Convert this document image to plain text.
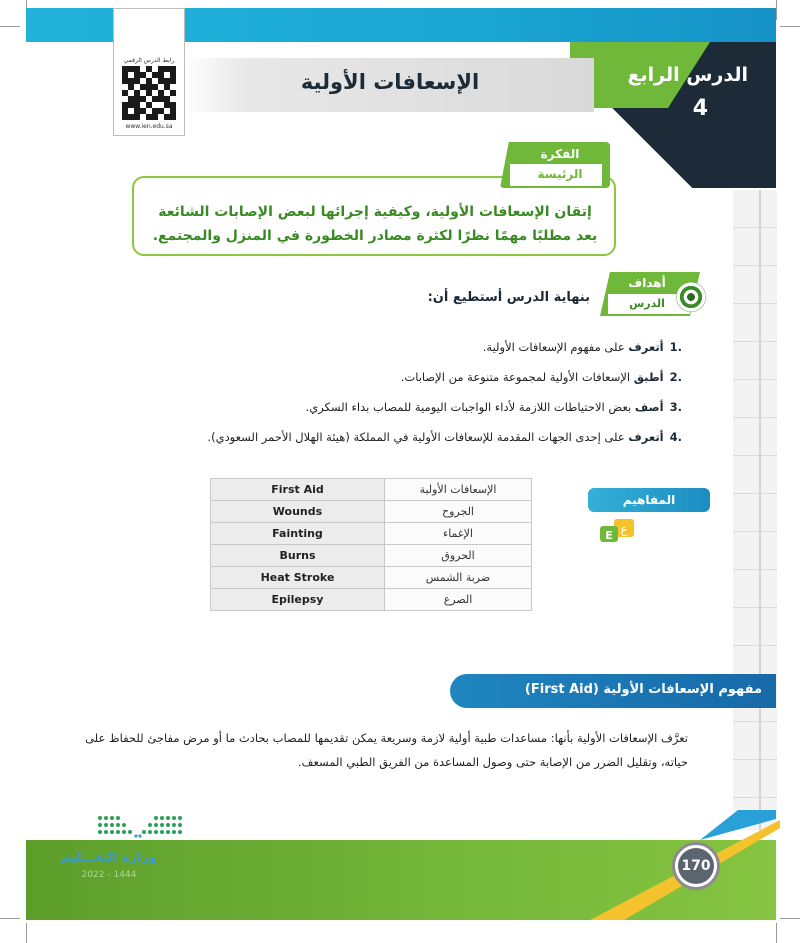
الدرس الرابع
4
الإسعافات الأولية
رابط الدرس الرقمي
www.ien.edu.sa
الفكرة
الرئيسة
إتقان الإسعافات الأولية، وكيفية إجرائها لبعض الإصابات الشائعة يعد مطلبًا مهمًا نظرًا لكثرة مصادر الخطورة في المنزل والمجتمع.
أهداف
الدرس
بنهاية الدرس أستطيع أن:
.1أتعرف على مفهوم الإسعافات الأولية.
.2أطبق الإسعافات الأولية لمجموعة متنوعة من الإصابات.
.3أصف بعض الاحتياطات اللازمة لأداء الواجبات اليومية للمصاب بداء السكري.
.4أتعرف على إحدى الجهات المقدمة للإسعافات الأولية في المملكة (هيئة الهلال الأحمر السعودي).
First Aid	الإسعافات الأولية
Wounds	الجروح
Fainting	الإغماء
Burns	الحروق
Heat Stroke	ضربة الشمس
Epilepsy	الصرع
المفاهيم
ع
E
مفهوم الإسعافات الأولية (First Aid)
تعرَّف الإسعافات الأولية بأنها: مساعدات طبية أولية لازمة وسريعة يمكن تقديمها للمصاب بحادث ما أو مرض مفاجئ للحفاظ على حياته، وتقليل الضرر من الإصابة حتى وصول المساعدة من الفريق الطبي المسعف.
وزارة التعـــليم
2022 - 1444
170
